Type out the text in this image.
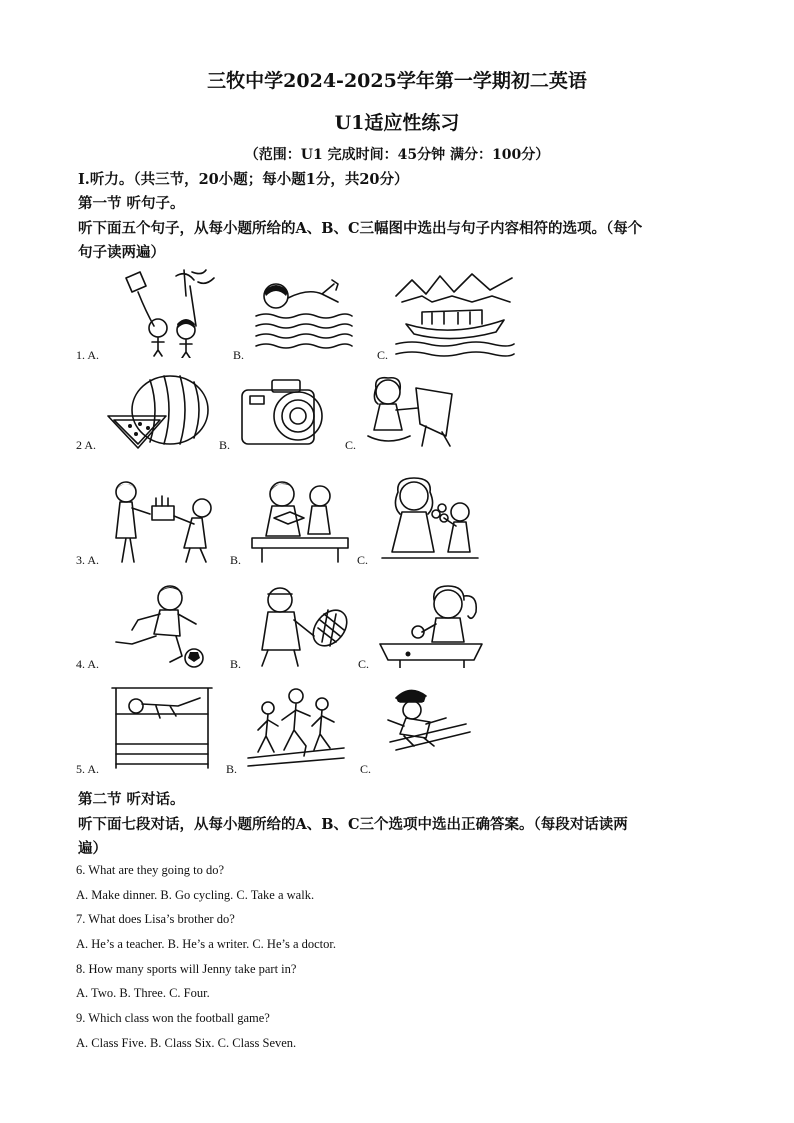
三牧中学2024-2025学年第一学期初二英语
U1适应性练习
（范围：U1 完成时间：45分钟 满分：100分）
Ⅰ.听力。（共三节，20小题；每小题1分，共20分）
第一节 听句子。
听下面五个句子，从每小题所给的A、B、C三幅图中选出与句子内容相符的选项。（每个
句子读两遍）
1. A.	B.	C.
2 A.	B.	C.
3. A.	B.	C.
4. A.	B.	C.
5. A.	B.	C.
第二节 听对话。
听下面七段对话，从每小题所给的A、B、C三个选项中选出正确答案。（每段对话读两
遍）
6. What are they going to do?
A. Make dinner. B. Go cycling. C. Take a walk.
7. What does Lisa’s brother do?
A. He’s a teacher. B. He’s a writer. C. He’s a doctor.
8. How many sports will Jenny take part in?
A. Two. B. Three. C. Four.
9. Which class won the football game?
A. Class Five. B. Class Six. C. Class Seven.
